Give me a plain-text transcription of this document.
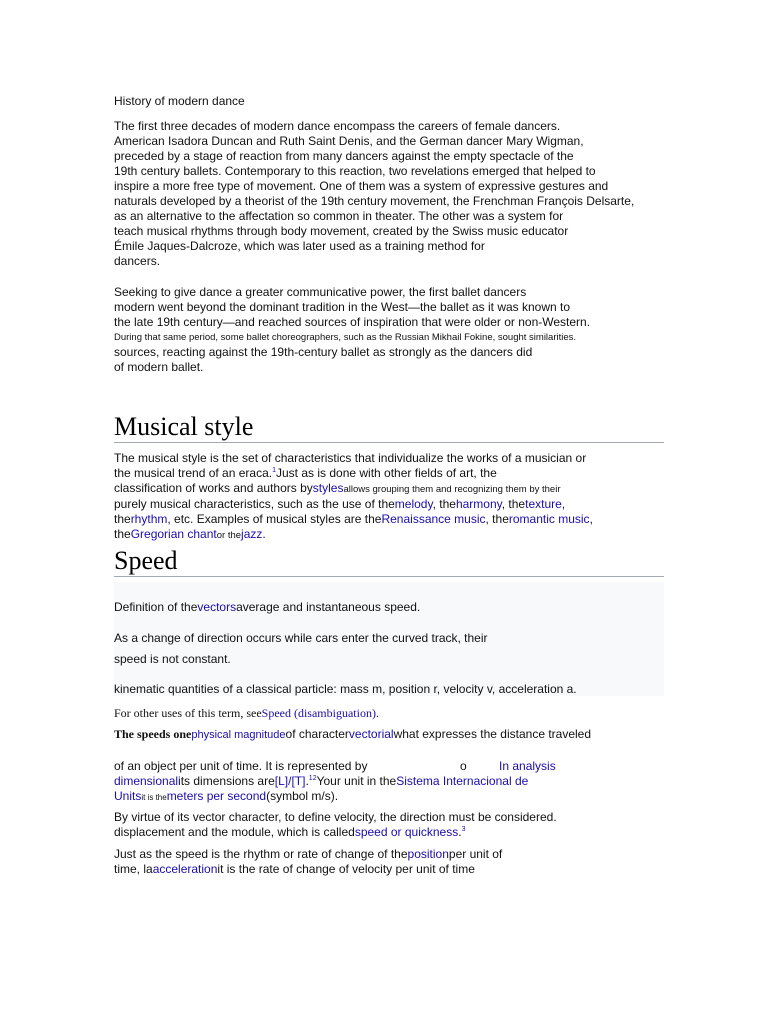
History of modern dance
The first three decades of modern dance encompass the careers of female dancers.
American Isadora Duncan and Ruth Saint Denis, and the German dancer Mary Wigman,
preceded by a stage of reaction from many dancers against the empty spectacle of the
19th century ballets. Contemporary to this reaction, two revelations emerged that helped to
inspire a more free type of movement. One of them was a system of expressive gestures and
naturals developed by a theorist of the 19th century movement, the Frenchman François Delsarte,
as an alternative to the affectation so common in theater. The other was a system for
teach musical rhythms through body movement, created by the Swiss music educator
Émile Jaques-Dalcroze, which was later used as a training method for
dancers.
Seeking to give dance a greater communicative power, the first ballet dancers
modern went beyond the dominant tradition in the West—the ballet as it was known to
the late 19th century—and reached sources of inspiration that were older or non-Western.
During that same period, some ballet choreographers, such as the Russian Mikhail Fokine, sought similarities.
sources, reacting against the 19th-century ballet as strongly as the dancers did
of modern ballet.
Musical style
The musical style is the set of characteristics that individualize the works of a musician or
the musical trend of an eraca.$^1$Just as is done with other fields of art, the
classification of works and authors bystylesallows grouping them and recognizing them by their
purely musical characteristics, such as the use of themelody, theharmony, thetexture,
therhythm, etc. Examples of musical styles are theRenaissance music, theromantic music,
theGregorian chantor thejazz.
Speed
Definition of thevectorsaverage and instantaneous speed.
As a change of direction occurs while cars enter the curved track, their
speed is not constant.
kinematic quantities of a classical particle: mass m, position r, velocity v, acceleration a.
For other uses of this term, seeSpeed (disambiguation).
The speeds onephysical magnitudeof charactervectorialwhat expresses the distance traveled
of an object per unit of time. It is represented by	o	In analysis
dimensionalits dimensions are[L]/[T].$^{12}$Your unit in theSistema Internacional de
Unitsit is themeters per second(symbol m/s).
By virtue of its vector character, to define velocity, the direction must be considered.
displacement and the module, which is calledspeed or quickness.$^3$
Just as the speed is the rhythm or rate of change of thepositionper unit of
time, laaccelerationit is the rate of change of velocity per unit of time
